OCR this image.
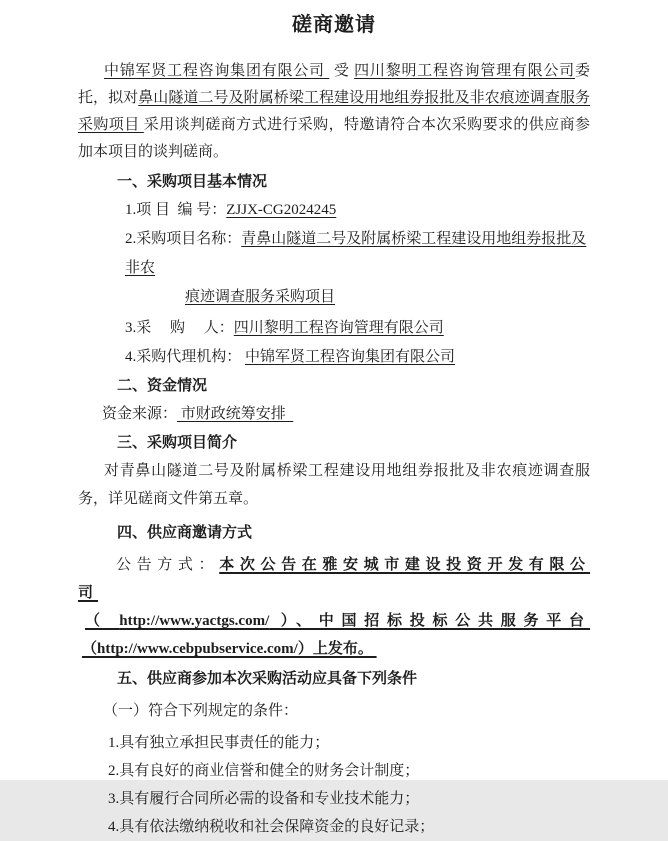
磋商邀请

中锦军贤工程咨询集团有限公司  受 四川黎明工程咨询管理有限公司委托，拟对鼻山隧道二号及附属桥梁工程建设用地组券报批及非农痕迹调查服务采购项目 采用谈判磋商方式进行采购，特邀请符合本次采购要求的供应商参加本项目的谈判磋商。

一、采购项目基本情况
1.项 目  编 号：ZJJX-CG2024245
2.采购项目名称：青鼻山隧道二号及附属桥梁工程建设用地组券报批及非农
痕迹调查服务采购项目
3.采　 购　 人：四川黎明工程咨询管理有限公司
4.采购代理机构： 中锦军贤工程咨询集团有限公司
二、资金情况
资金来源： 市财政统筹安排
三、采购项目简介

对青鼻山隧道二号及附属桥梁工程建设用地组券报批及非农痕迹调查服务，详见磋商文件第五章。

四、供应商邀请方式
公告方式：本次公告在雅安城市建设投资开发有限公司
（ http://www.yactgs.com/ ）、中国招标投标公共服务平台
（http://www.cebpubservice.com/）上发布。
五、供应商参加本次采购活动应具备下列条件
（一）符合下列规定的条件：
1.具有独立承担民事责任的能力；
2.具有良好的商业信誉和健全的财务会计制度；
3.具有履行合同所必需的设备和专业技术能力；
4.具有依法缴纳税收和社会保障资金的良好记录；
